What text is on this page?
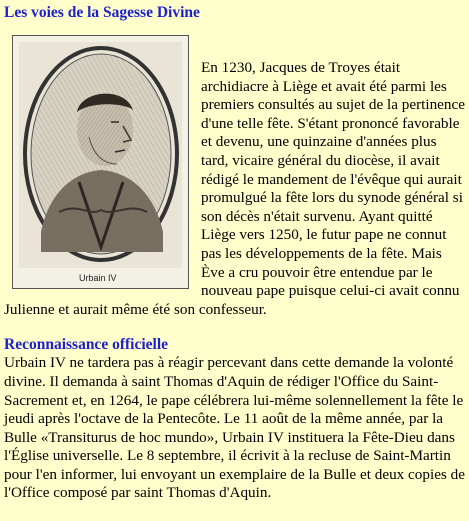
Les voies de la Sagesse Divine
Urbain IV

En 1230, Jacques de Troyes était archidiacre à Liège et avait été parmi les premiers consultés au sujet de la pertinence d'une telle fête. S'étant prononcé favorable et devenu, une quinzaine d'années plus tard, vicaire général du diocèse, il avait rédigé le mandement de l'évêque qui aurait promulgué la fête lors du synode général si son décès n'était survenu. Ayant quitté Liège vers 1250, le futur pape ne connut pas les développements de la fête. Mais Ève a cru pouvoir être entendue par le nouveau pape puisque celui-ci avait connu Julienne et aurait même été son confesseur.

Reconnaissance officielle

Urbain IV ne tardera pas à réagir percevant dans cette demande la volonté divine. Il demanda à saint Thomas d'Aquin de rédiger l'Office du Saint-Sacrement et, en 1264, le pape célébrera lui-même solennellement la fête le jeudi après l'octave de la Pentecôte. Le 11 août de la même année, par la Bulle «Transiturus de hoc mundo», Urbain IV instituera la Fête-Dieu dans l'Église universelle. Le 8 septembre, il écrivit à la recluse de Saint-Martin pour l'en informer, lui envoyant un exemplaire de la Bulle et deux copies de l'Office composé par saint Thomas d'Aquin.
